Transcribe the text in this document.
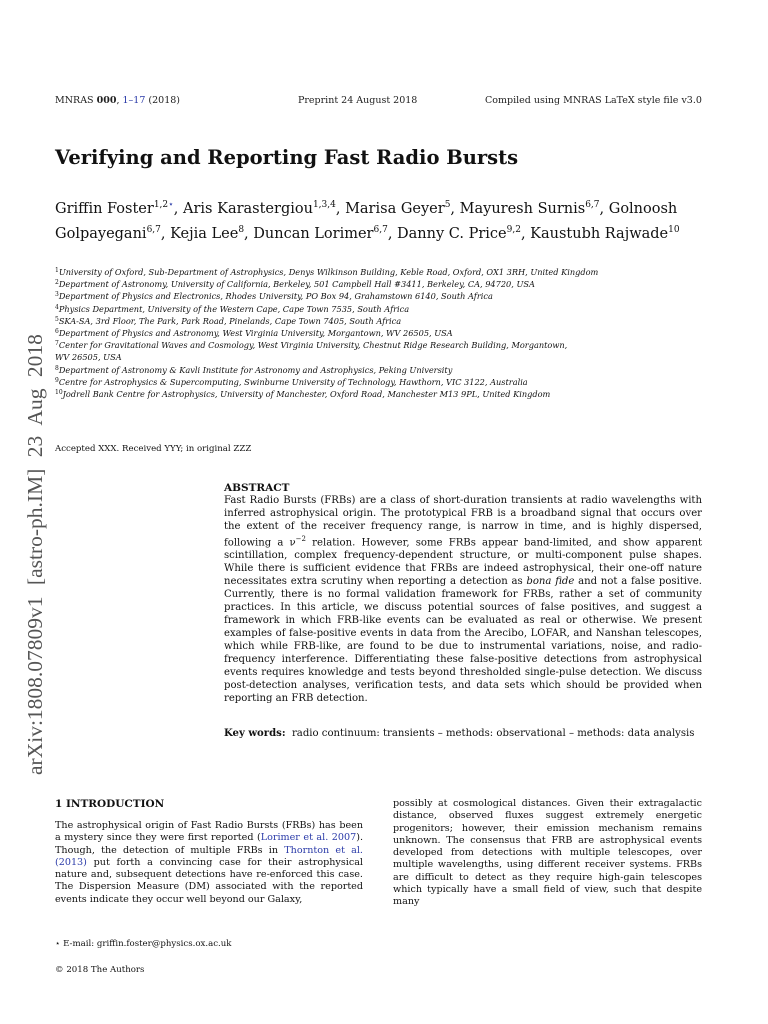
MNRAS 000, 1–17 (2018)	Preprint 24 August 2018	Compiled using MNRAS LaTeX style file v3.0
Verifying and Reporting Fast Radio Bursts
Griffin Foster$^{1,2⋆}$, Aris Karastergiou$^{1,3,4}$, Marisa Geyer$^5$, Mayuresh Surnis$^{6,7}$, Golnoosh Golpayegani$^{6,7}$, Kejia Lee$^8$, Duncan Lorimer$^{6,7}$, Danny C. Price$^{9,2}$, Kaustubh Rajwade$^{10}$
$^1$University of Oxford, Sub-Department of Astrophysics, Denys Wilkinson Building, Keble Road, Oxford, OX1 3RH, United Kingdom
$^2$Department of Astronomy, University of California, Berkeley, 501 Campbell Hall #3411, Berkeley, CA, 94720, USA
$^3$Department of Physics and Electronics, Rhodes University, PO Box 94, Grahamstown 6140, South Africa
$^4$Physics Department, University of the Western Cape, Cape Town 7535, South Africa
$^5$SKA-SA, 3rd Floor, The Park, Park Road, Pinelands, Cape Town 7405, South Africa
$^6$Department of Physics and Astronomy, West Virginia University, Morgantown, WV 26505, USA
$^7$Center for Gravitational Waves and Cosmology, West Virginia University, Chestnut Ridge Research Building, Morgantown,
WV 26505, USA
$^8$Department of Astronomy & Kavli Institute for Astronomy and Astrophysics, Peking University
$^9$Centre for Astrophysics & Supercomputing, Swinburne University of Technology, Hawthorn, VIC 3122, Australia
$^{10}$Jodrell Bank Centre for Astrophysics, University of Manchester, Oxford Road, Manchester M13 9PL, United Kingdom
arXiv:1808.07809v1 [astro-ph.IM] 23 Aug 2018 Accepted XXX. Received YYY; in original ZZZ
ABSTRACT
Fast Radio Bursts (FRBs) are a class of short-duration transients at radio wavelengths with inferred astrophysical origin. The prototypical FRB is a broadband signal that occurs over the extent of the receiver frequency range, is narrow in time, and is highly dispersed, following a $\nu^{-2}$ relation. However, some FRBs appear band-limited, and show apparent scintillation, complex frequency-dependent structure, or multi-component pulse shapes. While there is sufficient evidence that FRBs are indeed astrophysical, their one-off nature necessitates extra scrutiny when reporting a detection as bona fide and not a false positive. Currently, there is no formal validation framework for FRBs, rather a set of community practices. In this article, we discuss potential sources of false positives, and suggest a framework in which FRB-like events can be evaluated as real or otherwise. We present examples of false-positive events in data from the Arecibo, LOFAR, and Nanshan telescopes, which while FRB-like, are found to be due to instrumental variations, noise, and radio-frequency interference. Differentiating these false-positive detections from astrophysical events requires knowledge and tests beyond thresholded single-pulse detection. We discuss post-detection analyses, verification tests, and data sets which should be provided when reporting an FRB detection.
Key words: radio continuum: transients – methods: observational – methods: data analysis
1 INTRODUCTION
The astrophysical origin of Fast Radio Bursts (FRBs) has been a mystery since they were first reported (Lorimer et al. 2007). Though, the detection of multiple FRBs in Thornton et al. (2013) put forth a convincing case for their astrophysical nature and, subsequent detections have re-enforced this case. The Dispersion Measure (DM) associated with the reported events indicate they occur well beyond our Galaxy,
possibly at cosmological distances. Given their extragalactic distance, observed fluxes suggest extremely energetic progenitors; however, their emission mechanism remains unknown. The consensus that FRB are astrophysical events developed from detections with multiple telescopes, over multiple wavelengths, using different receiver systems. FRBs are difficult to detect as they require high-gain telescopes which typically have a small field of view, such that despite many
⋆ E-mail: griffin.foster@physics.ox.ac.uk
© 2018 The Authors
